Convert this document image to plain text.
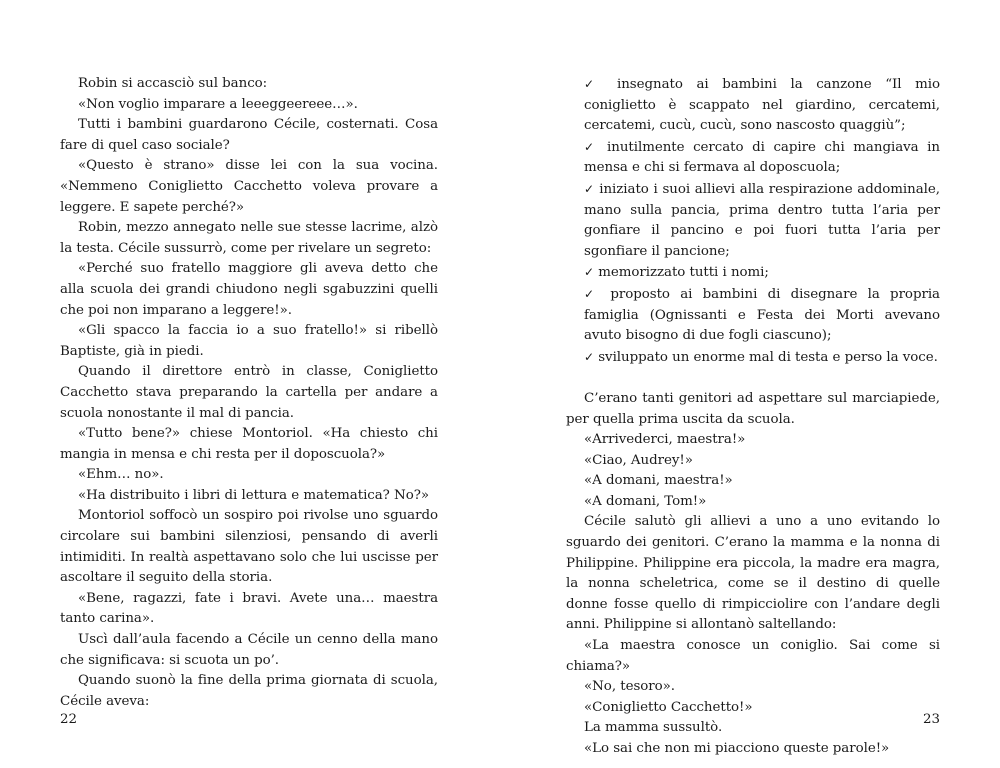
Robin si accasciò sul banco:

«Non voglio imparare a leeeggeereee…».

Tutti i bambini guardarono Cécile, costernati. Cosa fare di quel caso sociale?

«Questo è strano» disse lei con la sua vocina. «Nemmeno Coniglietto Cacchetto voleva provare a leggere. E sapete perché?»

Robin, mezzo annegato nelle sue stesse lacrime, alzò la testa. Cécile sussurrò, come per rivelare un segreto:

«Perché suo fratello maggiore gli aveva detto che alla scuola dei grandi chiudono negli sgabuzzini quelli che poi non imparano a leggere!».

«Gli spacco la faccia io a suo fratello!» si ribellò Baptiste, già in piedi.

Quando il direttore entrò in classe, Coniglietto Cacchetto stava preparando la cartella per andare a scuola nonostante il mal di pancia.

«Tutto bene?» chiese Montoriol. «Ha chiesto chi mangia in mensa e chi resta per il doposcuola?»

«Ehm… no».

«Ha distribuito i libri di lettura e matematica? No?»

Montoriol soffocò un sospiro poi rivolse uno sguardo circolare sui bambini silenziosi, pensando di averli intimiditi. In realtà aspettavano solo che lui uscisse per ascoltare il seguito della storia.

«Bene, ragazzi, fate i bravi. Avete una… maestra tanto carina».

Uscì dall’aula facendo a Cécile un cenno della mano che significava: si scuota un po’.

Quando suonò la fine della prima giornata di scuola, Cécile aveva:

22

✓ insegnato ai bambini la canzone “Il mio coniglietto è scappato nel giardino, cercatemi, cercatemi, cucù, cucù, sono nascosto quaggiù”;

✓ inutilmente cercato di capire chi mangiava in mensa e chi si fermava al doposcuola;

✓ iniziato i suoi allievi alla respirazione addominale, mano sulla pancia, prima dentro tutta l’aria per gonfiare il pancino e poi fuori tutta l’aria per sgonfiare il pancione;

✓ memorizzato tutti i nomi;

✓ proposto ai bambini di disegnare la propria famiglia (Ognissanti e Festa dei Morti avevano avuto bisogno di due fogli ciascuno);

✓ sviluppato un enorme mal di testa e perso la voce.

C’erano tanti genitori ad aspettare sul marciapiede, per quella prima uscita da scuola.

«Arrivederci, maestra!»

«Ciao, Audrey!»

«A domani, maestra!»

«A domani, Tom!»

Cécile salutò gli allievi a uno a uno evitando lo sguardo dei genitori. C’erano la mamma e la nonna di Philippine. Philippine era piccola, la madre era magra, la nonna scheletrica, come se il destino di quelle donne fosse quello di rimpicciolire con l’andare degli anni. Philippine si allontanò saltellando:

«La maestra conosce un coniglio. Sai come si chiama?»

«No, tesoro».

«Coniglietto Cacchetto!»

La mamma sussultò.

«Lo sai che non mi piacciono queste parole!»

23
